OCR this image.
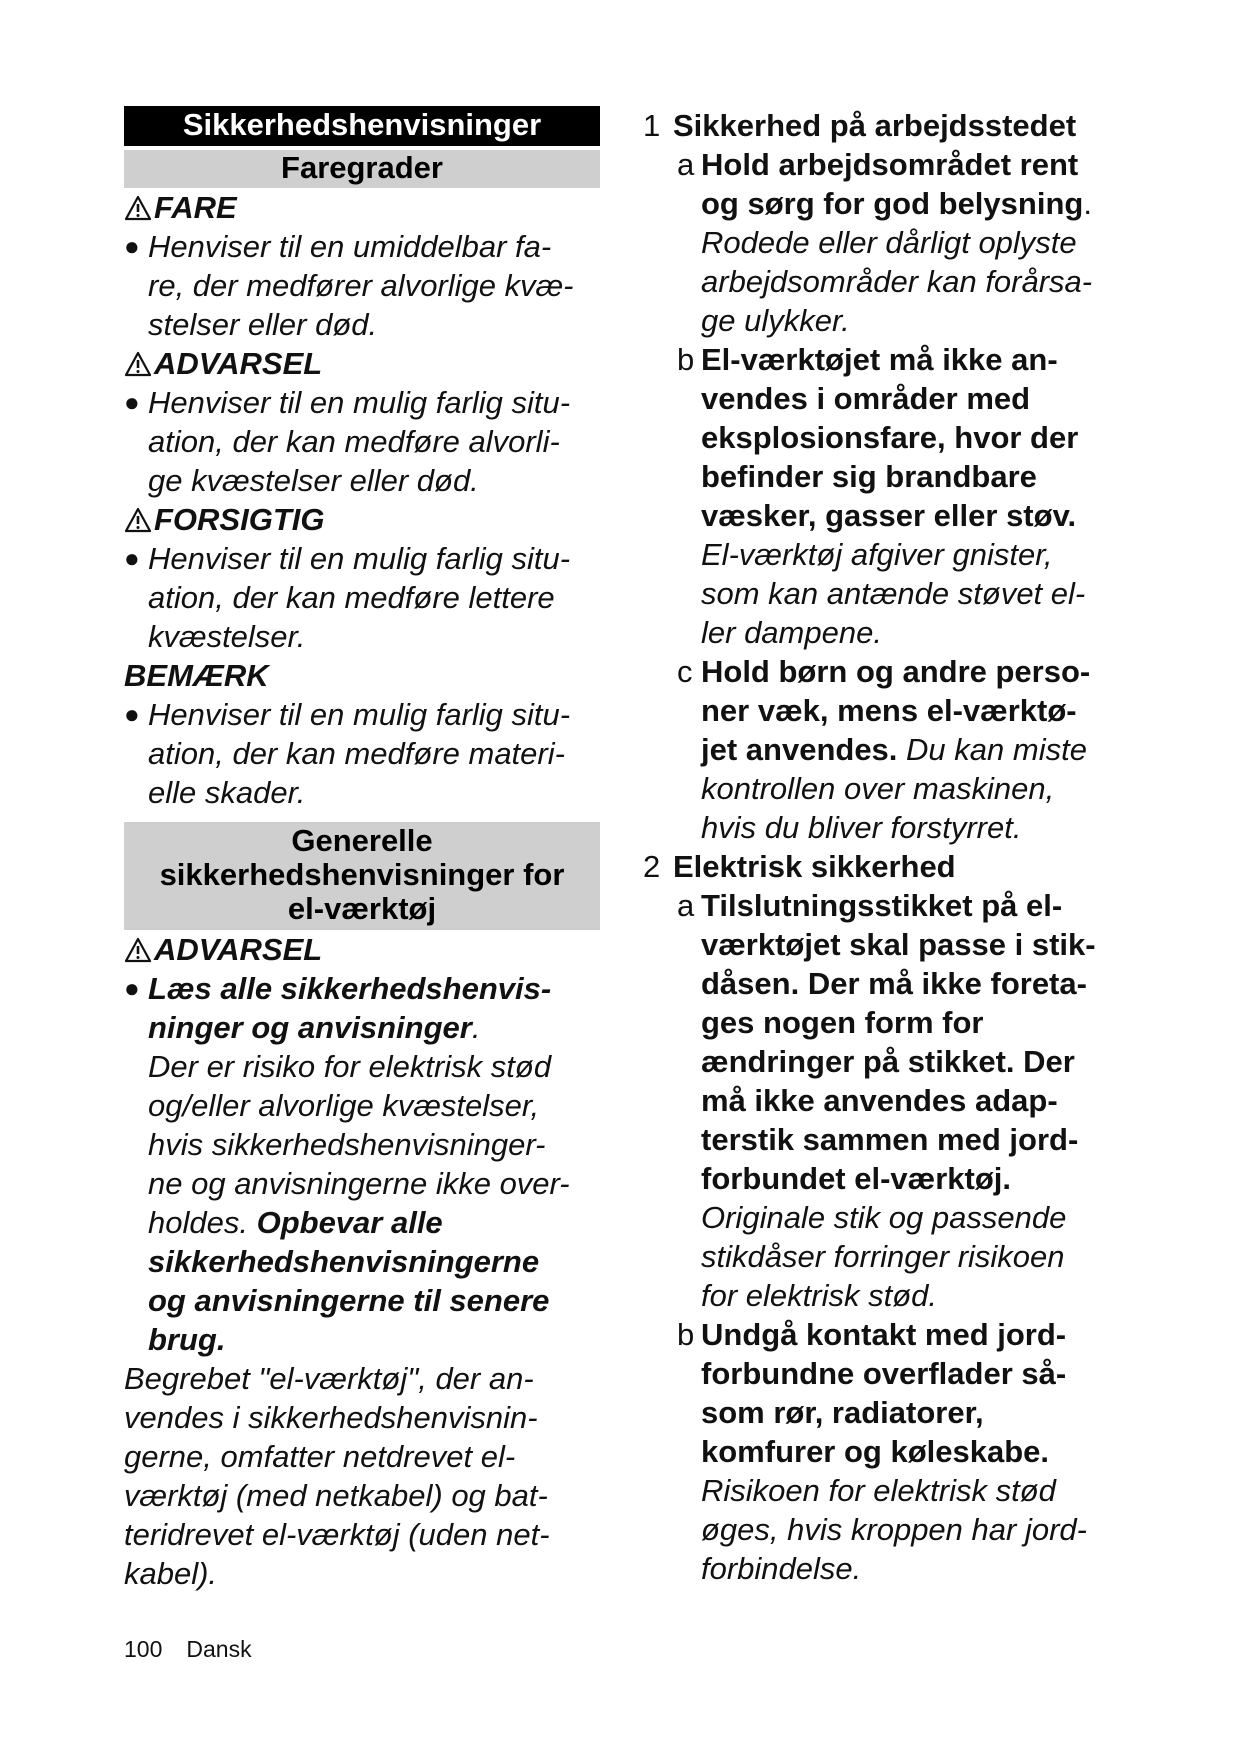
Sikkerhedshenvisninger
Faregrader
FARE
● Henviser til en umiddelbar fa-
re, der medfører alvorlige kvæ-
stelser eller død.
ADVARSEL
● Henviser til en mulig farlig situ-
ation, der kan medføre alvorli-
ge kvæstelser eller død.
FORSIGTIG
● Henviser til en mulig farlig situ-
ation, der kan medføre lettere
kvæstelser.
BEMÆRK
● Henviser til en mulig farlig situ-
ation, der kan medføre materi-
elle skader.
Generelle
sikkerhedshenvisninger for
el-værktøj
ADVARSEL
● Læs alle sikkerhedshenvis-
ninger og anvisninger.
Der er risiko for elektrisk stød
og/eller alvorlige kvæstelser,
hvis sikkerhedshenvisninger-
ne og anvisningerne ikke over-
holdes. Opbevar alle
sikkerhedshenvisningerne
og anvisningerne til senere
brug.
Begrebet "el-værktøj", der an-
vendes i sikkerhedshenvisnin-
gerne, omfatter netdrevet el-
værktøj (med netkabel) og bat-
teridrevet el-værktøj (uden net-
kabel).
1 Sikkerhed på arbejdsstedet
a Hold arbejdsområdet rent
og sørg for god belysning.
Rodede eller dårligt oplyste
arbejdsområder kan forårsa-
ge ulykker.
b El-værktøjet må ikke an-
vendes i områder med
eksplosionsfare, hvor der
befinder sig brandbare
væsker, gasser eller støv.
El-værktøj afgiver gnister,
som kan antænde støvet el-
ler dampene.
c Hold børn og andre perso-
ner væk, mens el-værktø-
jet anvendes. Du kan miste
kontrollen over maskinen,
hvis du bliver forstyrret.
2 Elektrisk sikkerhed
a Tilslutningsstikket på el-
værktøjet skal passe i stik-
dåsen. Der må ikke foreta-
ges nogen form for
ændringer på stikket. Der
må ikke anvendes adap-
terstik sammen med jord-
forbundet el-værktøj.
Originale stik og passende
stikdåser forringer risikoen
for elektrisk stød.
b Undgå kontakt med jord-
forbundne overflader så-
som rør, radiatorer,
komfurer og køleskabe.
Risikoen for elektrisk stød
øges, hvis kroppen har jord-
forbindelse.
100 Dansk
